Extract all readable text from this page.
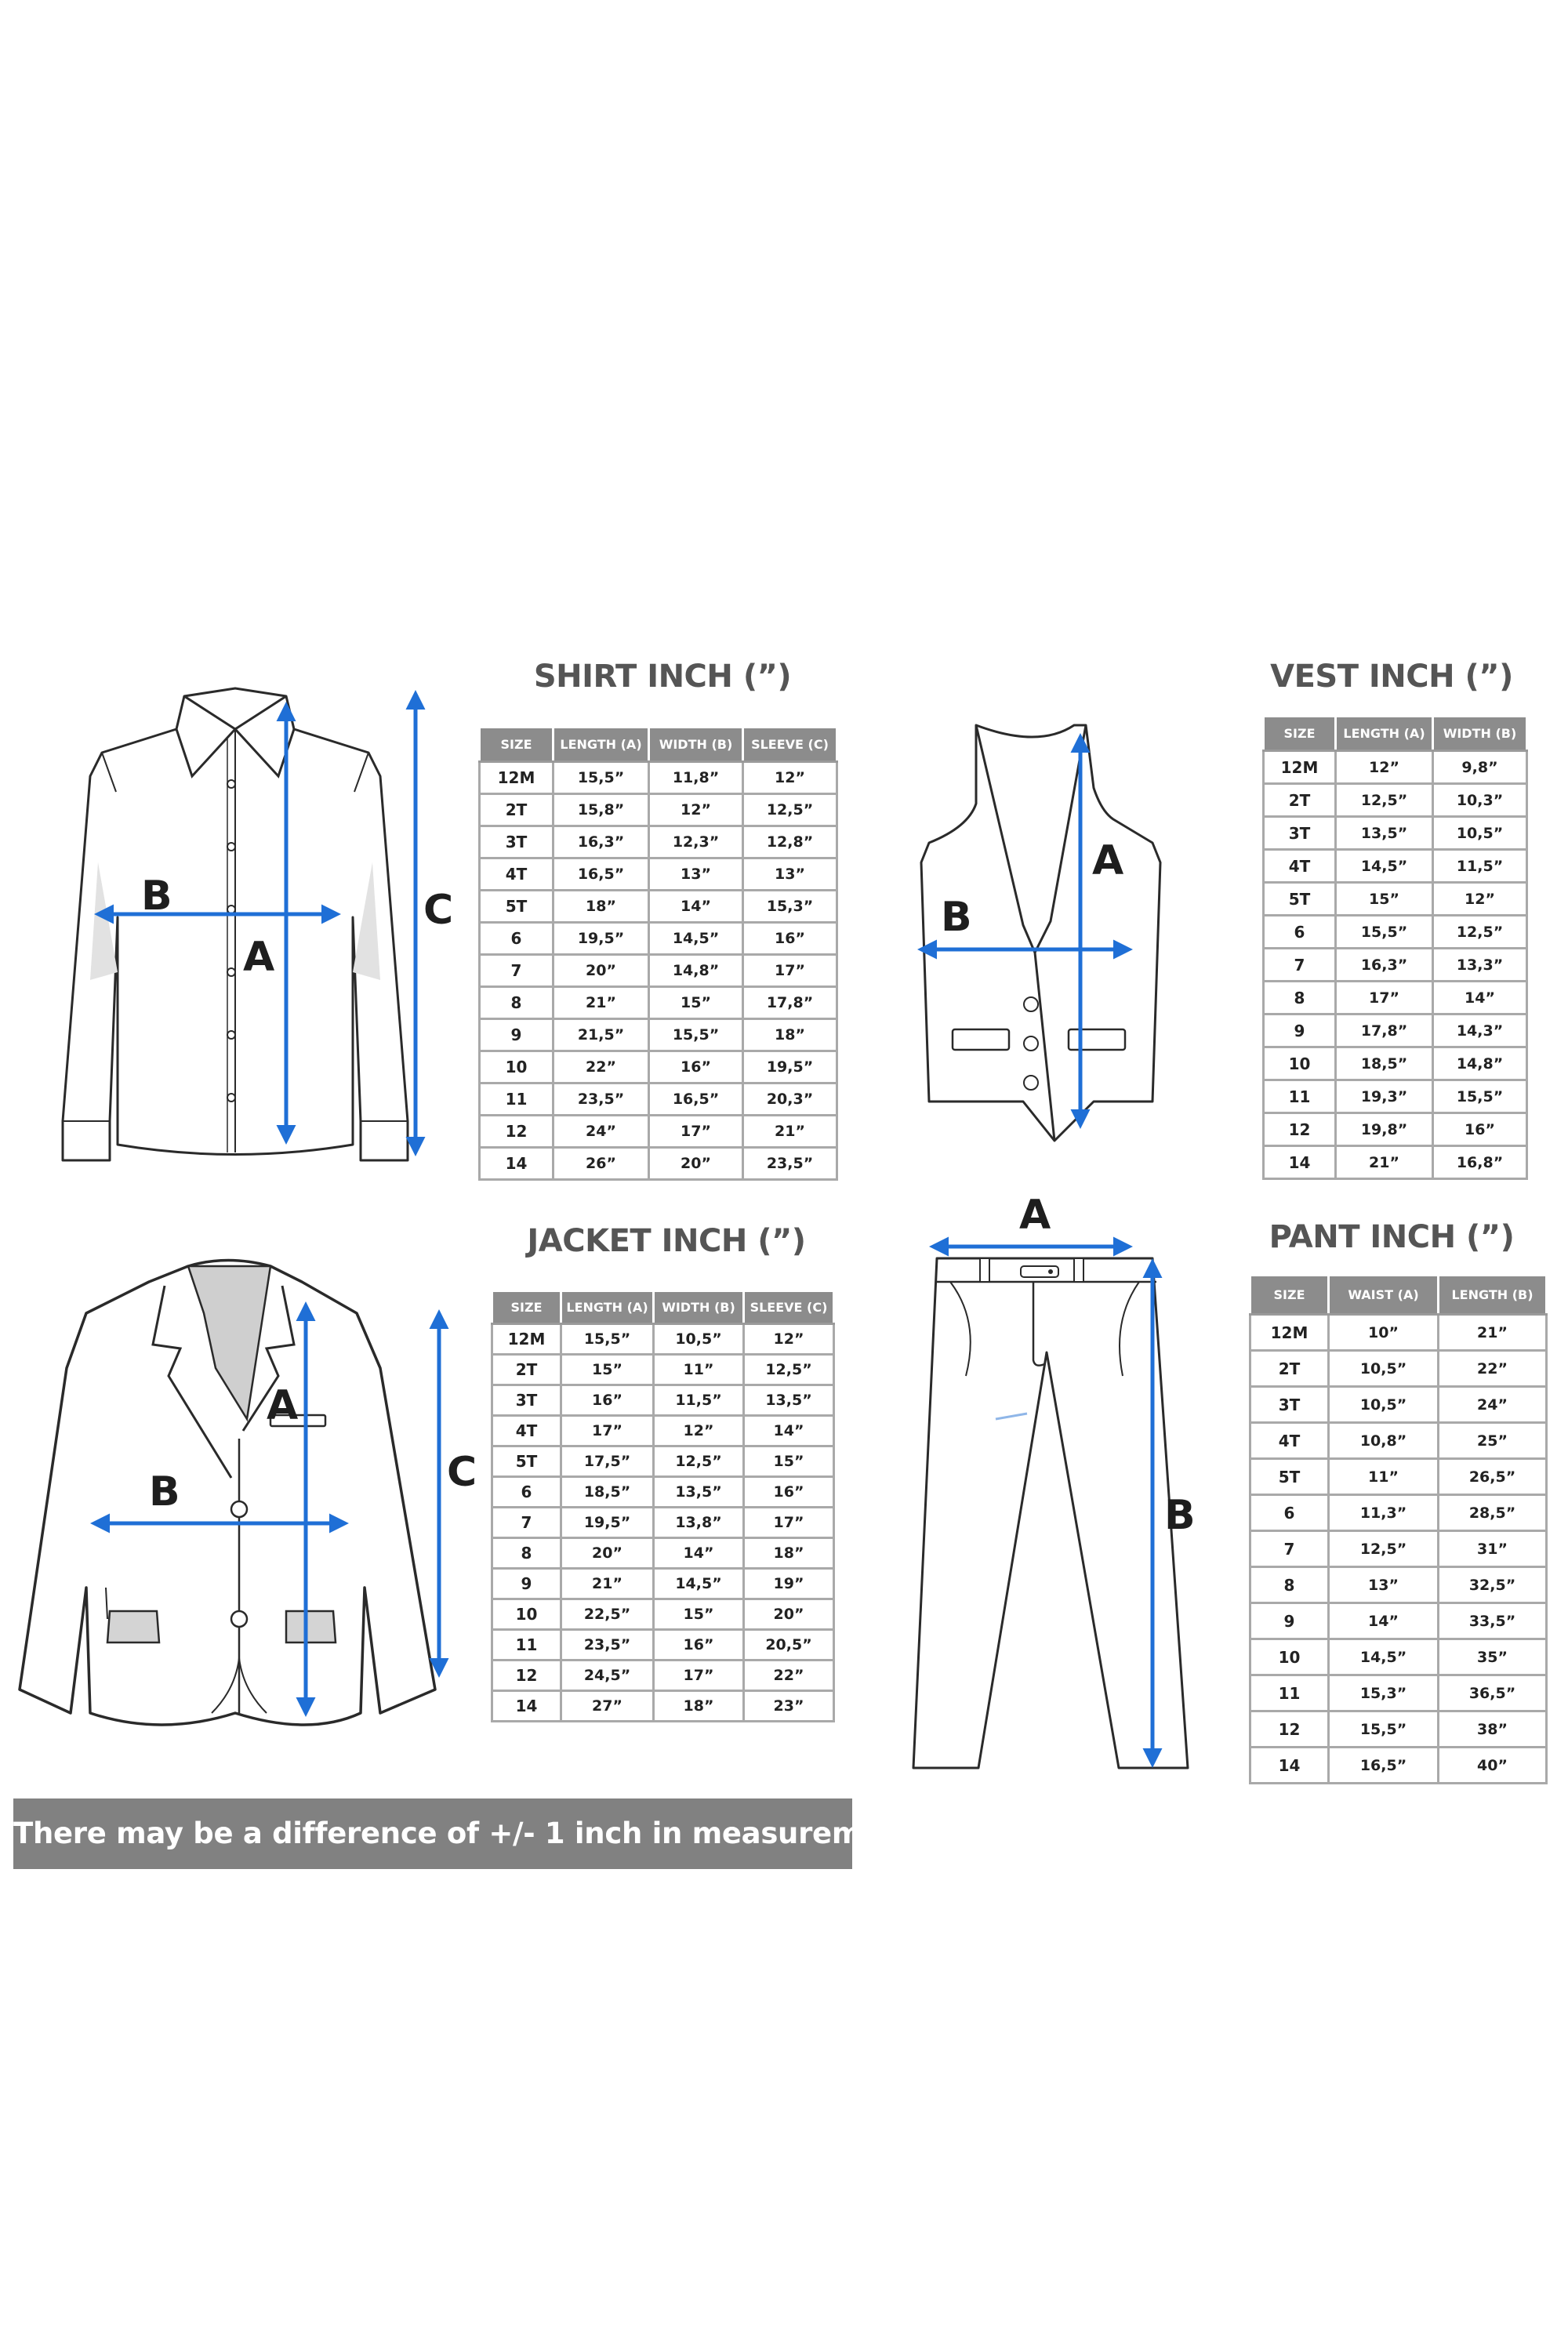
SHIRT INCH (”)
B
A
C
SIZE	LENGTH (A)	WIDTH (B)	SLEEVE (C)
12M	15,5”	11,8”	12”
2T	15,8”	12”	12,5”
3T	16,3”	12,3”	12,8”
4T	16,5”	13”	13”
5T	18”	14”	15,3”
6	19,5”	14,5”	16”
7	20”	14,8”	17”
8	21”	15”	17,8”
9	21,5”	15,5”	18”
10	22”	16”	19,5”
11	23,5”	16,5”	20,3”
12	24”	17”	21”
14	26”	20”	23,5”
VEST INCH (”)
B
A
SIZE	LENGTH (A)	WIDTH (B)
12M	12”	9,8”
2T	12,5”	10,3”
3T	13,5”	10,5”
4T	14,5”	11,5”
5T	15”	12”
6	15,5”	12,5”
7	16,3”	13,3”
8	17”	14”
9	17,8”	14,3”
10	18,5”	14,8”
11	19,3”	15,5”
12	19,8”	16”
14	21”	16,8”
JACKET INCH (”)
B
A
C
SIZE	LENGTH (A)	WIDTH (B)	SLEEVE (C)
12M	15,5”	10,5”	12”
2T	15”	11”	12,5”
3T	16”	11,5”	13,5”
4T	17”	12”	14”
5T	17,5”	12,5”	15”
6	18,5”	13,5”	16”
7	19,5”	13,8”	17”
8	20”	14”	18”
9	21”	14,5”	19”
10	22,5”	15”	20”
11	23,5”	16”	20,5”
12	24,5”	17”	22”
14	27”	18”	23”
PANT INCH (”)
A
B
SIZE	WAIST (A)	LENGTH (B)
12M	10”	21”
2T	10,5”	22”
3T	10,5”	24”
4T	10,8”	25”
5T	11”	26,5”
6	11,3”	28,5”
7	12,5”	31”
8	13”	32,5”
9	14”	33,5”
10	14,5”	35”
11	15,3”	36,5”
12	15,5”	38”
14	16,5”	40”
There may be a difference of +/- 1 inch in measurements
